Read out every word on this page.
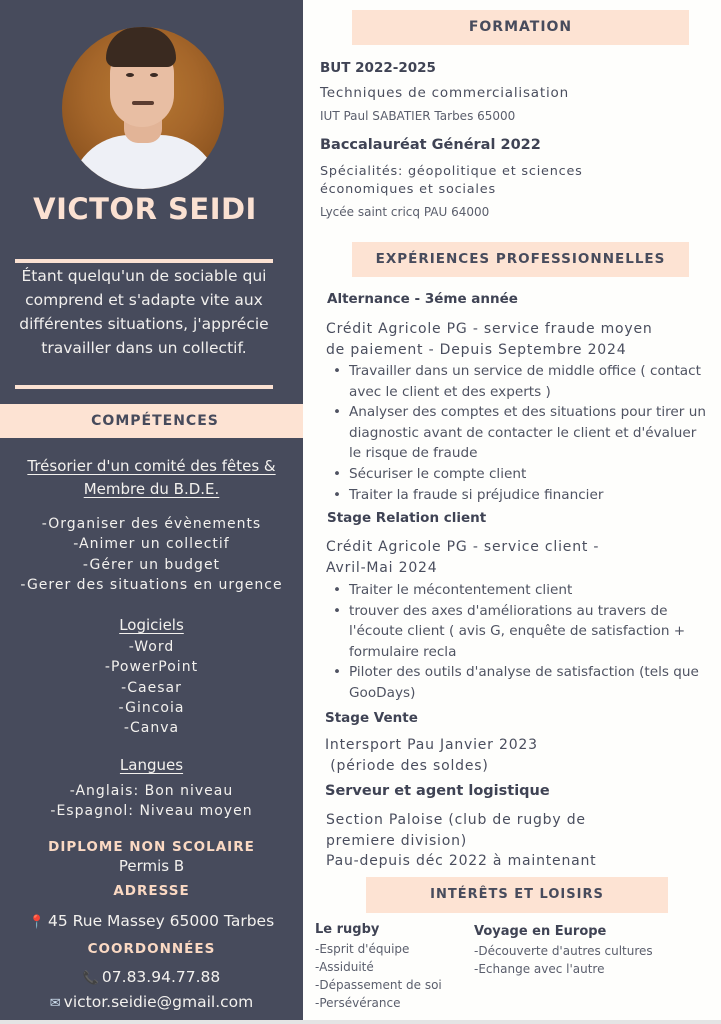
VICTOR SEIDI
Étant quelqu'un de sociable qui comprend et s'adapte vite aux différentes situations, j'apprécie travailler dans un collectif.
Trésorier d'un comité des fêtes &
Membre du B.D.E.
-Organiser des évènements
-Animer un collectif
-Gérer un budget
-Gerer des situations en urgence
Logiciels
-Word
-PowerPoint
-Caesar
-Gincoia
-Canva
Langues
-Anglais: Bon niveau
-Espagnol: Niveau moyen
DIPLOME NON SCOLAIRE
Permis B
ADRESSE
📍 45 Rue Massey 65000 Tarbes
COORDONNÉES
📞 07.83.94.77.88
✉ victor.seidie@gmail.com
COMPÉTENCES
FORMATION
BUT 2022-2025
Techniques de commercialisation
IUT Paul SABATIER Tarbes 65000
Baccalauréat Général 2022
Spécialités: géopolitique et sciences
économiques et sociales
Lycée saint cricq PAU 64000
EXPÉRIENCES PROFESSIONNELLES
Alternance - 3éme année
Crédit Agricole PG - service fraude moyen
de paiement - Depuis Septembre 2024
• Travailler dans un service de middle office ( contact avec le client et des experts )
• Analyser des comptes et des situations pour tirer un diagnostic avant de contacter le client et d'évaluer le risque de fraude
• Sécuriser le compte client
• Traiter la fraude si préjudice financier
Stage Relation client
Crédit Agricole PG - service client -
Avril-Mai 2024
• Traiter le mécontentement client
• trouver des axes d'améliorations au travers de l'écoute client ( avis G, enquête de satisfaction + formulaire recla
• Piloter des outils d'analyse de satisfaction (tels que GooDays)
Stage Vente
Intersport Pau Janvier 2023
(période des soldes)
Serveur et agent logistique
Section Paloise (club de rugby de
premiere division)
Pau-depuis déc 2022 à maintenant
INTÉRÊTS ET LOISIRS
Le rugby
-Esprit d'équipe
-Assiduité
-Dépassement de soi
-Persévérance
Voyage en Europe
-Découverte d'autres cultures
-Echange avec l'autre
